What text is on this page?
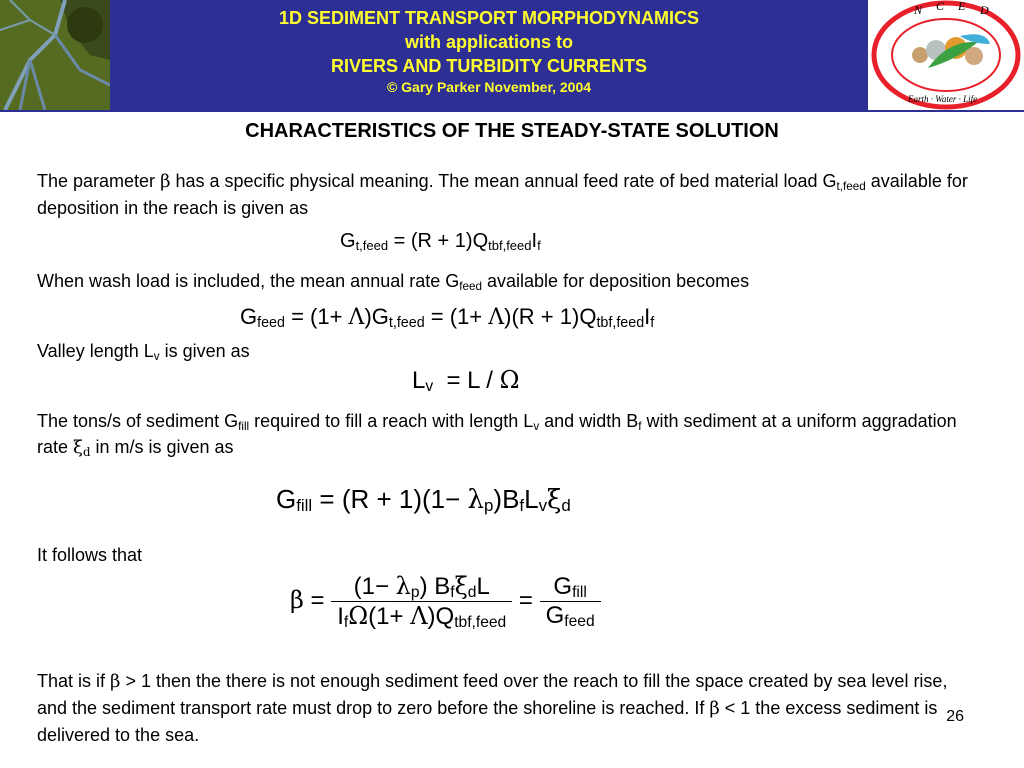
1D SEDIMENT TRANSPORT MORPHODYNAMICS
with applications to
RIVERS AND TURBIDITY CURRENTS
© Gary Parker November, 2004
N C E D
Earth · Water · Life
CHARACTERISTICS OF THE STEADY-STATE SOLUTION
The parameter β has a specific physical meaning. The mean annual feed rate of bed material load $G_{t,feed}$ available for deposition in the reach is given as
$G_{t,feed} = (R + 1)Q_{tbf,feed}I_f$
When wash load is included, the mean annual rate $G_{feed}$ available for deposition becomes
$G_{feed} = (1+ \Lambda)G_{t,feed} = (1+ \Lambda)(R + 1)Q_{tbf,feed}I_f$
Valley length $L_v$ is given as
$L_v = L / \Omega$
The tons/s of sediment $G_{fill}$ required to fill a reach with length $L_v$ and width $B_f$ with sediment at a uniform aggradation rate $\xi̇_d$ in m/s is given as
$G_{fill} = (R + 1)(1-$ $\lambda_p)B_fL_v\xi̇_d$
It follows that
$\beta = \frac{(1- \lambda_p) B_f\xi̇_dL}{I_f\Omega(1+ \Lambda)Q_{tbf,feed}} = \frac{G_{fill}}{G_{feed}}$
That is if β > 1 then the there is not enough sediment feed over the reach to fill the space created by sea level rise, and the sediment transport rate must drop to zero before the shoreline is reached. If β < 1 the excess sediment is delivered to the sea.
26
